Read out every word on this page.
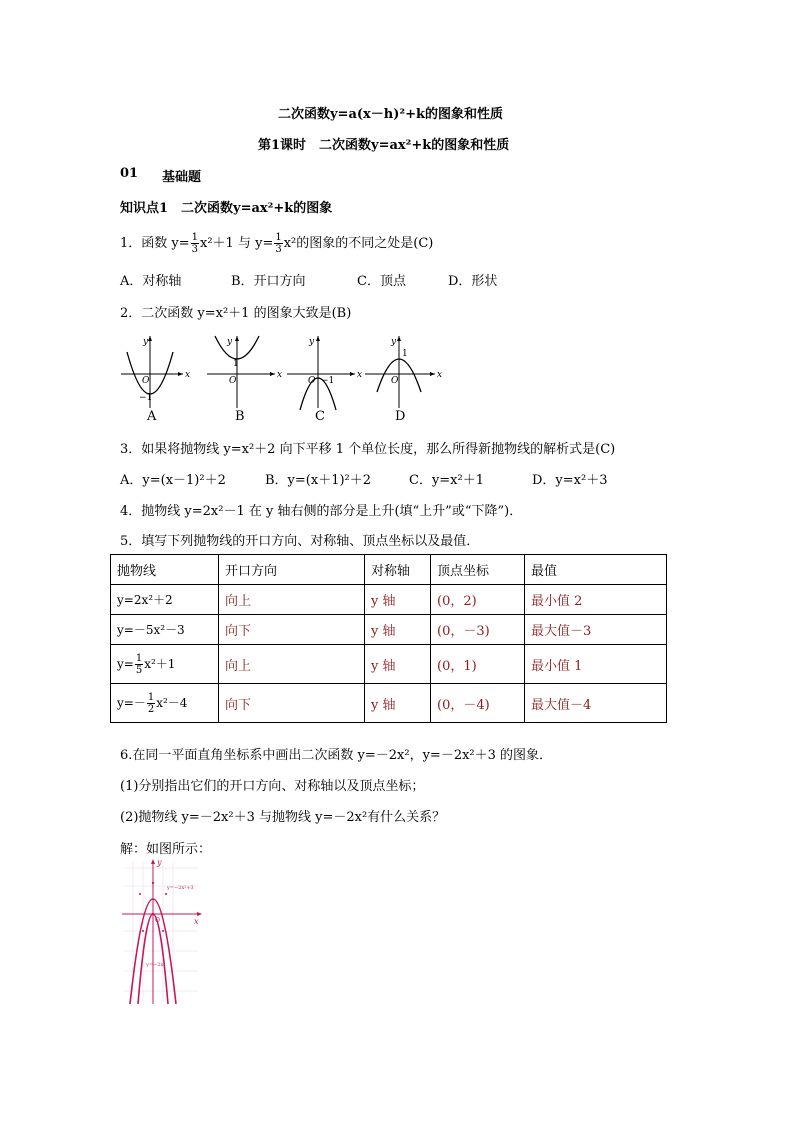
二次函数y=a(x－h)²+k的图象和性质
第1课时　二次函数y=ax²+k的图象和性质
01 基础题
知识点1　二次函数y=ax²+k的图象
1．函数 $y= \frac{1}{3} x^2+1$ 与 $y= \frac{1}{3} x^2$的图象的不同之处是(C)
A．对称轴	B．开口方向	C．顶点	D．形状
2．二次函数 y=x²＋1 的图象大致是(B)
y
x
O
−1
y
x
O
1
y
x
O −1
y
x
O
1
A	B	C	D
3．如果将抛物线 y=x²＋2 向下平移 1 个单位长度，那么所得新抛物线的解析式是(C)
A．y=(x－1)²＋2	B．y=(x＋1)²＋2	C．y=x²＋1	D．y=x²＋3
4．抛物线 y=2x²－1 在 y 轴右侧的部分是上升(填“上升”或“下降”)．
5．填写下列抛物线的开口方向、对称轴、顶点坐标以及最值．
抛物线	开口方向	对称轴	顶点坐标	最值
y=2x²＋2	向上	y 轴	(0，2)	最小值 2
y=－5x²－3	向下	y 轴	(0，－3)	最大值－3
$y= \frac{1}{5} x^2+1$	向上	y 轴	(0，1)	最小值 1
$y=- \frac{1}{2} x^2-4$	向下	y 轴	(0，－4)	最大值－4
6.在同一平面直角坐标系中画出二次函数 y=－2x²，y=－2x²＋3 的图象．
(1)分别指出它们的开口方向、对称轴以及顶点坐标；
(2)抛物线 y=－2x²＋3 与抛物线 y=－2x²有什么关系？
解：如图所示：
y
x
O
y=−2x²+3
y=−2x²
